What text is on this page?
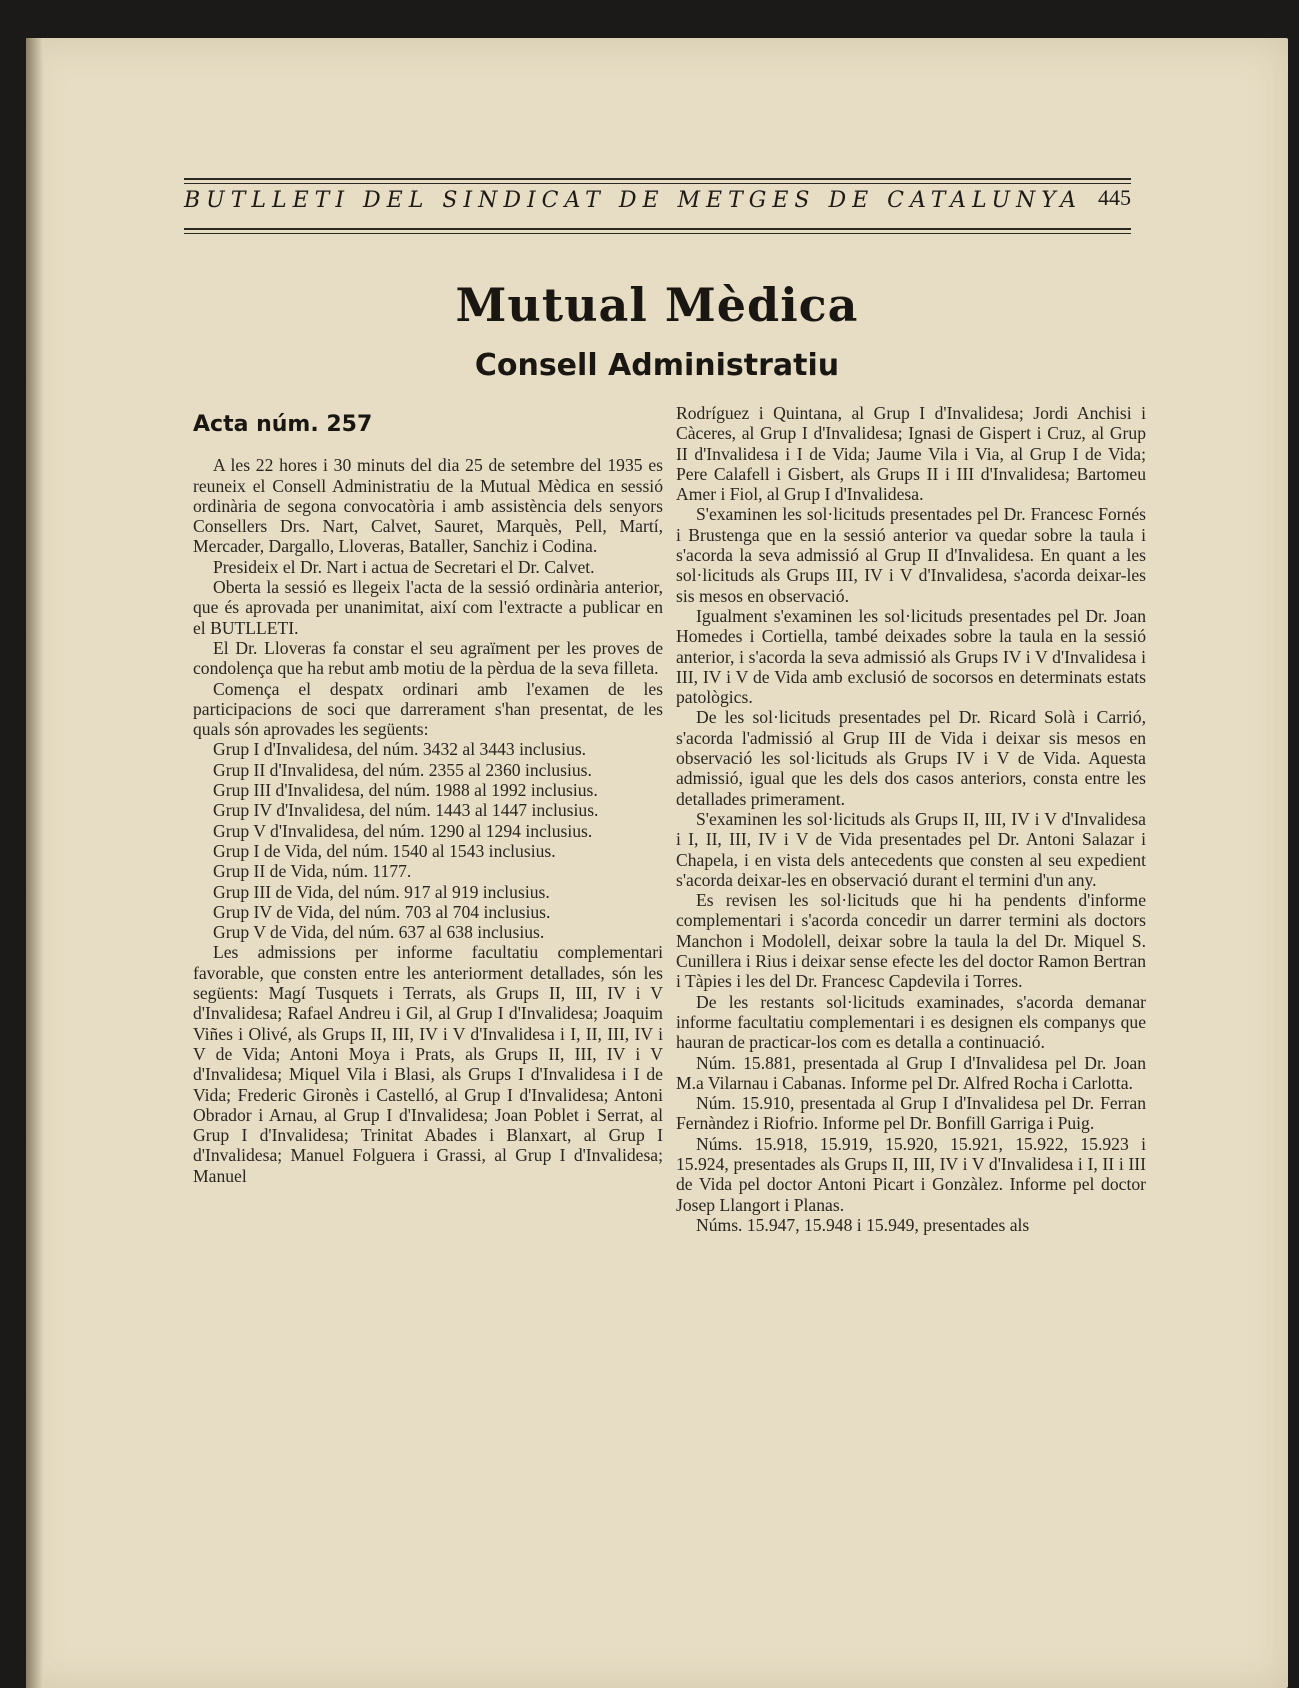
BUTLLETI DEL SINDICAT DE METGES DE CATALUNYA 445
Mutual Mèdica
Consell Administratiu
Acta núm. 257

A les 22 hores i 30 minuts del dia 25 de setembre del 1935 es reuneix el Consell Administratiu de la Mutual Mèdica en sessió ordinària de segona convocatòria i amb assistència dels senyors Consellers Drs. Nart, Calvet, Sauret, Marquès, Pell, Martí, Mercader, Dargallo, Lloveras, Bataller, Sanchiz i Codina.

Presideix el Dr. Nart i actua de Secretari el Dr. Calvet.

Oberta la sessió es llegeix l'acta de la sessió ordinària anterior, que és aprovada per unanimitat, així com l'extracte a publicar en el BUTLLETI.

El Dr. Lloveras fa constar el seu agraïment per les proves de condolença que ha rebut amb motiu de la pèrdua de la seva filleta.

Comença el despatx ordinari amb l'examen de les participacions de soci que darrerament s'han presentat, de les quals són aprovades les següents:

Grup I d'Invalidesa, del núm. 3432 al 3443 inclusius.

Grup II d'Invalidesa, del núm. 2355 al 2360 inclusius.

Grup III d'Invalidesa, del núm. 1988 al 1992 inclusius.

Grup IV d'Invalidesa, del núm. 1443 al 1447 inclusius.

Grup V d'Invalidesa, del núm. 1290 al 1294 inclusius.

Grup I de Vida, del núm. 1540 al 1543 inclusius.

Grup II de Vida, núm. 1177.

Grup III de Vida, del núm. 917 al 919 inclusius.

Grup IV de Vida, del núm. 703 al 704 inclusius.

Grup V de Vida, del núm. 637 al 638 inclusius.

Les admissions per informe facultatiu complementari favorable, que consten entre les anteriorment detallades, són les següents: Magí Tusquets i Terrats, als Grups II, III, IV i V d'Invalidesa; Rafael Andreu i Gil, al Grup I d'Invalidesa; Joaquim Viñes i Olivé, als Grups II, III, IV i V d'Invalidesa i I, II, III, IV i V de Vida; Antoni Moya i Prats, als Grups II, III, IV i V d'Invalidesa; Miquel Vila i Blasi, als Grups I d'Invalidesa i I de Vida; Frederic Gironès i Castelló, al Grup I d'Invalidesa; Antoni Obrador i Arnau, al Grup I d'Invalidesa; Joan Poblet i Serrat, al Grup I d'Invalidesa; Trinitat Abades i Blanxart, al Grup I d'Invalidesa; Manuel Folguera i Grassi, al Grup I d'Invalidesa; Manuel

Rodríguez i Quintana, al Grup I d'Invalidesa; Jordi Anchisi i Càceres, al Grup I d'Invalidesa; Ignasi de Gispert i Cruz, al Grup II d'Invalidesa i I de Vida; Jaume Vila i Via, al Grup I de Vida; Pere Calafell i Gisbert, als Grups II i III d'Invalidesa; Bartomeu Amer i Fiol, al Grup I d'Invalidesa.

S'examinen les sol·licituds presentades pel Dr. Francesc Fornés i Brustenga que en la sessió anterior va quedar sobre la taula i s'acorda la seva admissió al Grup II d'Invalidesa. En quant a les sol·licituds als Grups III, IV i V d'Invalidesa, s'acorda deixar-les sis mesos en observació.

Igualment s'examinen les sol·licituds presentades pel Dr. Joan Homedes i Cortiella, també deixades sobre la taula en la sessió anterior, i s'acorda la seva admissió als Grups IV i V d'Invalidesa i III, IV i V de Vida amb exclusió de socorsos en determinats estats patològics.

De les sol·licituds presentades pel Dr. Ricard Solà i Carrió, s'acorda l'admissió al Grup III de Vida i deixar sis mesos en observació les sol·licituds als Grups IV i V de Vida. Aquesta admissió, igual que les dels dos casos anteriors, consta entre les detallades primerament.

S'examinen les sol·licituds als Grups II, III, IV i V d'Invalidesa i I, II, III, IV i V de Vida presentades pel Dr. Antoni Salazar i Chapela, i en vista dels antecedents que consten al seu expedient s'acorda deixar-les en observació durant el termini d'un any.

Es revisen les sol·licituds que hi ha pendents d'informe complementari i s'acorda concedir un darrer termini als doctors Manchon i Modolell, deixar sobre la taula la del Dr. Miquel S. Cunillera i Rius i deixar sense efecte les del doctor Ramon Bertran i Tàpies i les del Dr. Francesc Capdevila i Torres.

De les restants sol·licituds examinades, s'acorda demanar informe facultatiu complementari i es designen els companys que hauran de practicar-los com es detalla a continuació.

Núm. 15.881, presentada al Grup I d'Invalidesa pel Dr. Joan M.a Vilarnau i Cabanas. Informe pel Dr. Alfred Rocha i Carlotta.

Núm. 15.910, presentada al Grup I d'Invalidesa pel Dr. Ferran Fernàndez i Riofrio. Informe pel Dr. Bonfill Garriga i Puig.

Núms. 15.918, 15.919, 15.920, 15.921, 15.922, 15.923 i 15.924, presentades als Grups II, III, IV i V d'Invalidesa i I, II i III de Vida pel doctor Antoni Picart i Gonzàlez. Informe pel doctor Josep Llangort i Planas.

Núms. 15.947, 15.948 i 15.949, presentades als
